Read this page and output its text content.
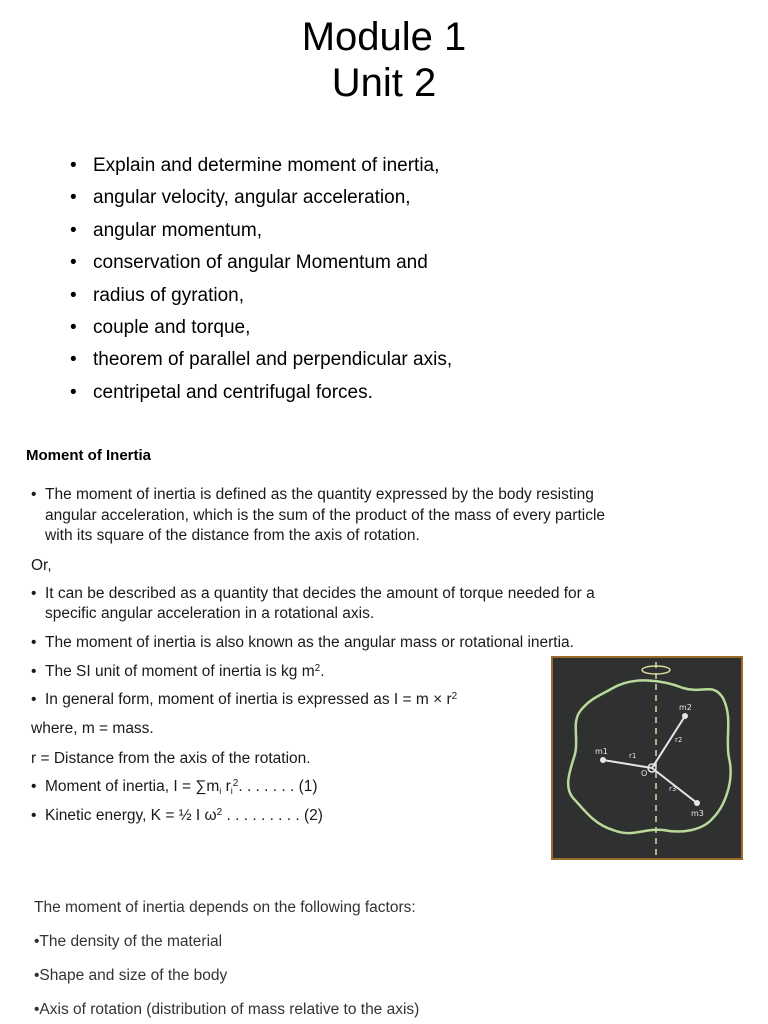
Module 1
Unit 2
• Explain and determine moment of inertia,
• angular velocity, angular acceleration,
• angular momentum,
• conservation of angular Momentum and
• radius of gyration,
• couple and torque,
• theorem of parallel and perpendicular axis,
• centripetal and centrifugal forces.
Moment of Inertia
• The moment of inertia is defined as the quantity expressed by the body resisting
angular acceleration, which is the sum of the product of the mass of every particle
with its square of the distance from the axis of rotation.
Or,
• It can be described as a quantity that decides the amount of torque needed for a
specific angular acceleration in a rotational axis.
• The moment of inertia is also known as the angular mass or rotational inertia.
• The SI unit of moment of inertia is kg $m^2$.
• In general form, moment of inertia is expressed as $I = m \times r^2$
where, m = mass.
r = Distance from the axis of the rotation.
• Moment of inertia, $I = \sum m_i$ $r_i^2$. . . . . . . (1)
• Kinetic energy, K = ½ I $\omega^2$ . . . . . . . . . (2)
m1
m2
m3
r1
r2
r3
O
The moment of inertia depends on the following factors:
•The density of the material
•Shape and size of the body
•Axis of rotation (distribution of mass relative to the axis)
